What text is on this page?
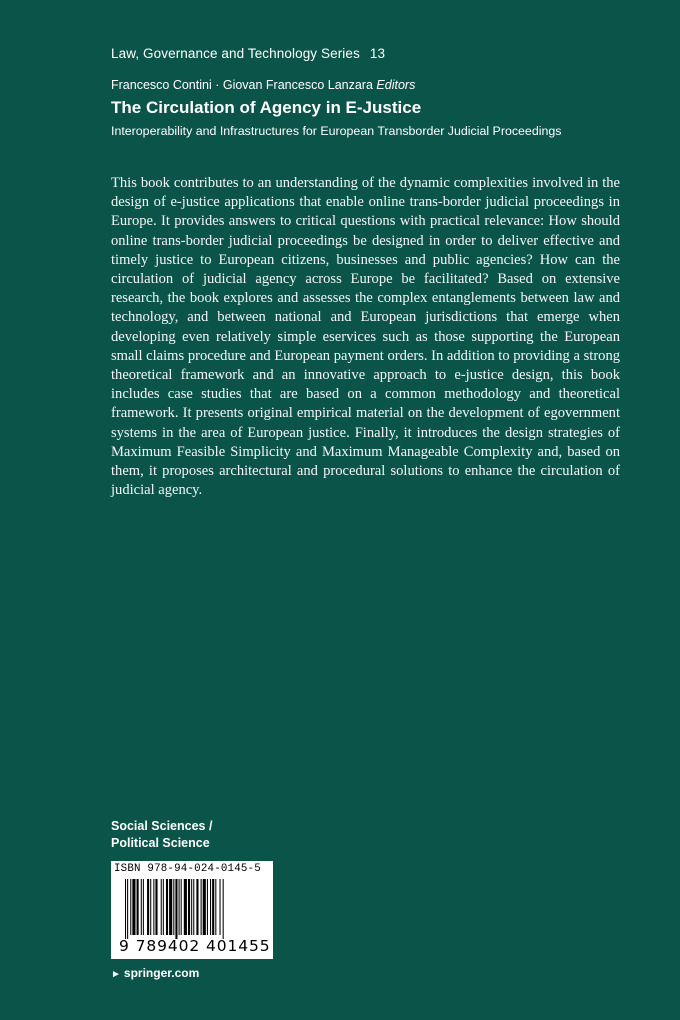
Law, Governance and Technology Series 13
Francesco Contini · Giovan Francesco Lanzara Editors
The Circulation of Agency in E-Justice
Interoperability and Infrastructures for European Transborder Judicial Proceedings

This book contributes to an understanding of the dynamic complexities involved in the design of e-justice applications that enable online trans-border judicial proceedings in Europe. It provides answers to critical questions with practical relevance: How should online trans-border judicial proceedings be designed in order to deliver effective and timely justice to European citizens, businesses and public agencies? How can the circulation of judicial agency across Europe be facilitated? Based on extensive research, the book explores and assesses the complex entanglements between law and technology, and between national and European jurisdictions that emerge when developing even relatively simple eservices such as those supporting the European small claims procedure and European payment orders. In addition to providing a strong theoretical framework and an innovative approach to e-justice design, this book includes case studies that are based on a common methodology and theoretical framework. It presents original empirical material on the development of egovernment systems in the area of European justice. Finally, it introduces the design strategies of Maximum Feasible Simplicity and Maximum Manageable Complexity and, based on them, it proposes architectural and procedural solutions to enhance the circulation of judicial agency.

Social Sciences / Political Science
ISBN 978-94-024-0145-5
9 789402 401455
► springer.com
